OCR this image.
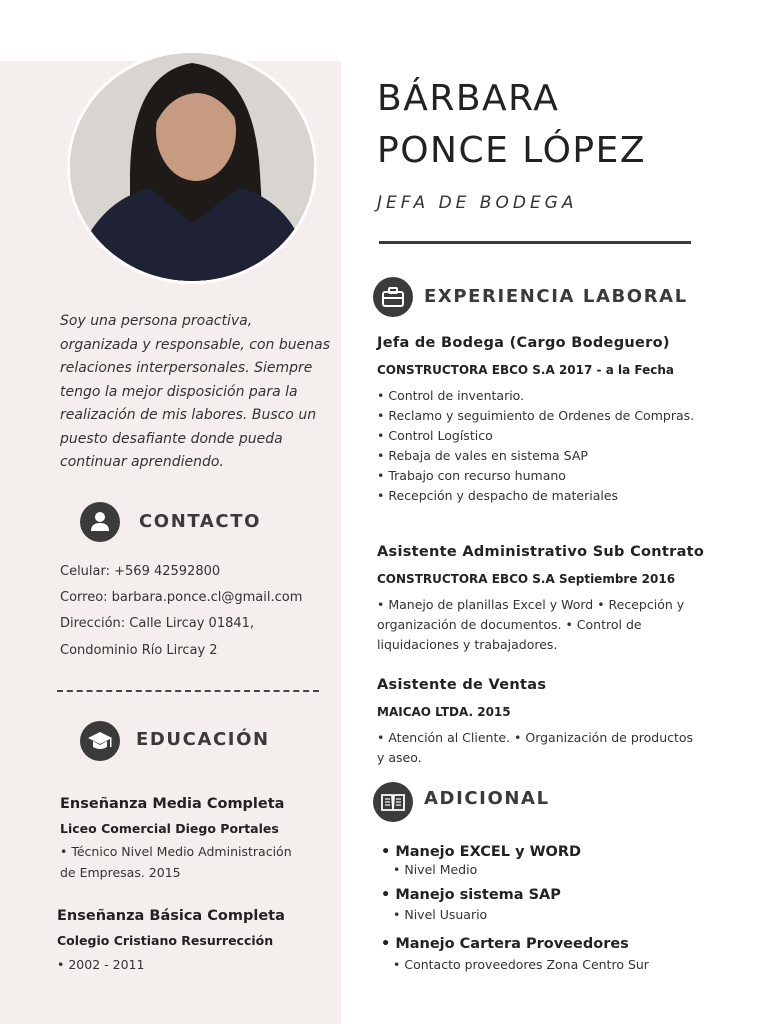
Soy una persona proactiva, organizada y responsable, con buenas relaciones interpersonales. Siempre tengo la mejor disposición para la realización de mis labores. Busco un puesto desafiante donde pueda continuar aprendiendo.

CONTACTO
Celular: +569 42592800
Correo: barbara.ponce.cl@gmail.com
Dirección: Calle Lircay 01841,
Condominio Río Lircay 2
EDUCACIÓN
Enseñanza Media Completa
Liceo Comercial Diego Portales
• Técnico Nivel Medio Administración
de Empresas. 2015
Enseñanza Básica Completa
Colegio Cristiano Resurrección
• 2002 - 2011
BÁRBARA
PONCE LÓPEZ
JEFA DE BODEGA
EXPERIENCIA LABORAL
Jefa de Bodega (Cargo Bodeguero)
CONSTRUCTORA EBCO S.A 2017 - a la Fecha
• Control de inventario.
• Reclamo y seguimiento de Ordenes de Compras.
• Control Logístico
• Rebaja de vales en sistema SAP
• Trabajo con recurso humano
• Recepción y despacho de materiales
Asistente Administrativo Sub Contrato
CONSTRUCTORA EBCO S.A Septiembre 2016

• Manejo de planillas Excel y Word • Recepción y organización de documentos. • Control de liquidaciones y trabajadores.

Asistente de Ventas
MAICAO LTDA. 2015

• Atención al Cliente. • Organización de productos y aseo.

ADICIONAL
• Manejo EXCEL y WORD
• Nivel Medio
• Manejo sistema SAP
• Nivel Usuario
• Manejo Cartera Proveedores
• Contacto proveedores Zona Centro Sur
